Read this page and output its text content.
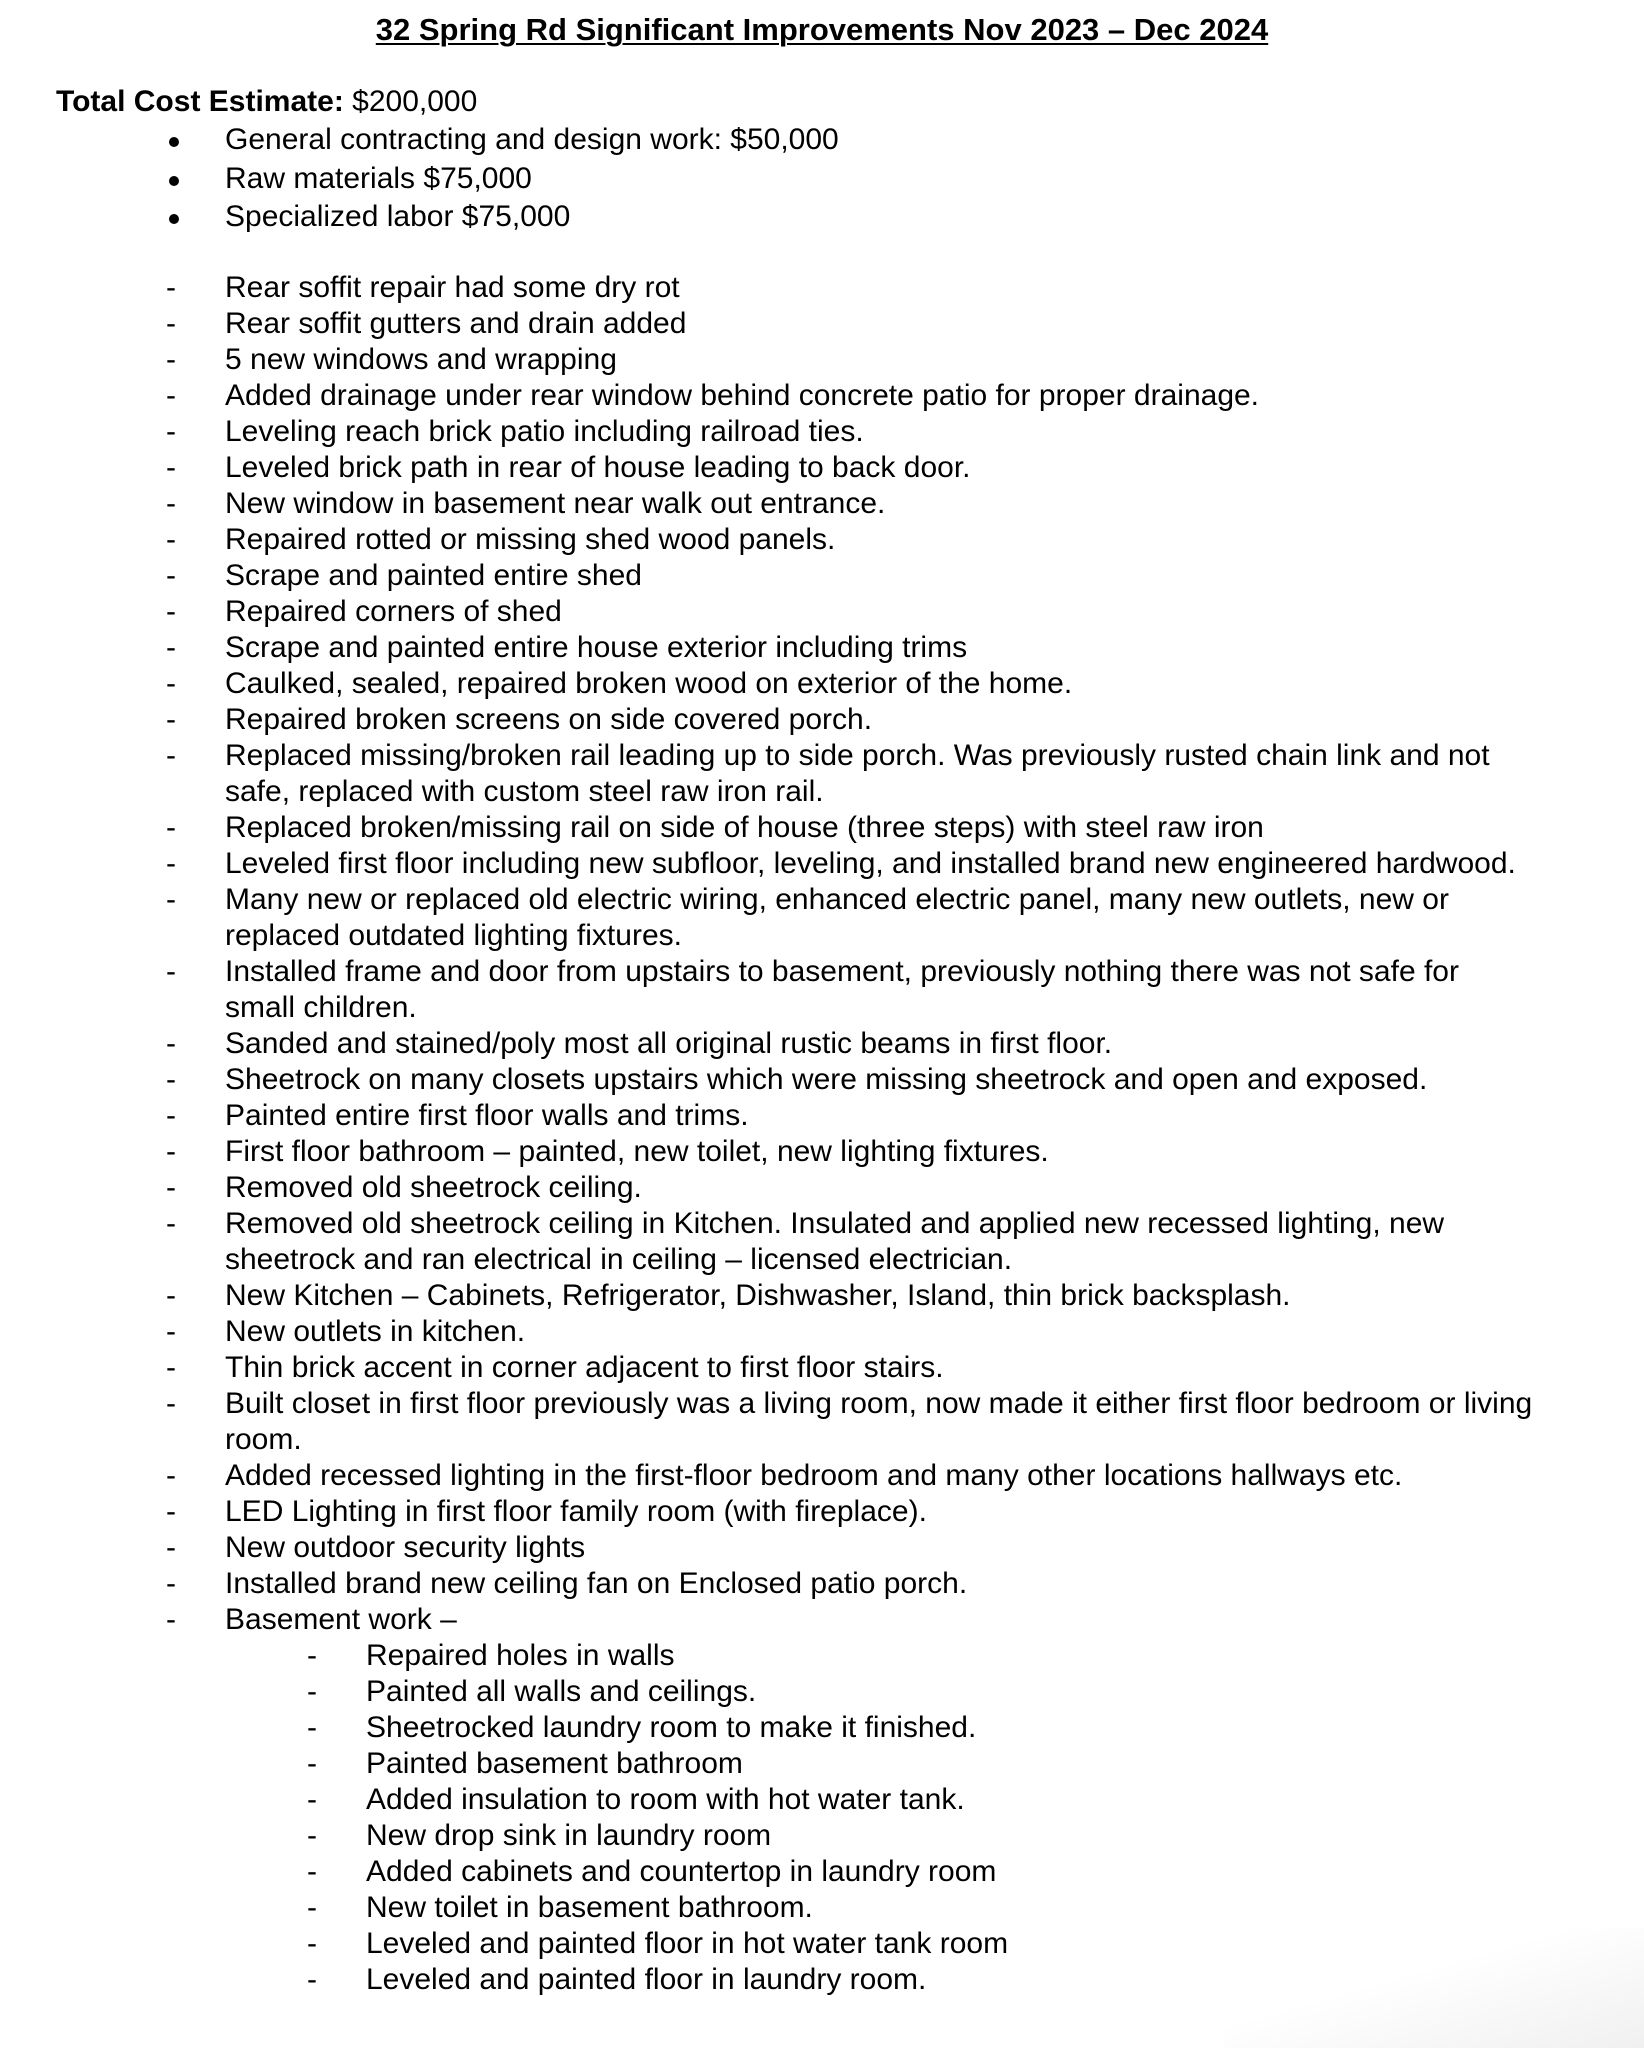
32 Spring Rd Significant Improvements Nov 2023 – Dec 2024

Total Cost Estimate: $200,000

General contracting and design work: $50,000
Raw materials $75,000
Specialized labor $75,000
- Rear soffit repair had some dry rot
- Rear soffit gutters and drain added
- 5 new windows and wrapping
- Added drainage under rear window behind concrete patio for proper drainage.
- Leveling reach brick patio including railroad ties.
- Leveled brick path in rear of house leading to back door.
- New window in basement near walk out entrance.
- Repaired rotted or missing shed wood panels.
- Scrape and painted entire shed
- Repaired corners of shed
- Scrape and painted entire house exterior including trims
- Caulked, sealed, repaired broken wood on exterior of the home.
- Repaired broken screens on side covered porch.
- Replaced missing/broken rail leading up to side porch. Was previously rusted chain link and not safe, replaced with custom steel raw iron rail.
- Replaced broken/missing rail on side of house (three steps) with steel raw iron
- Leveled first floor including new subfloor, leveling, and installed brand new engineered hardwood.
- Many new or replaced old electric wiring, enhanced electric panel, many new outlets, new or replaced outdated lighting fixtures.
- Installed frame and door from upstairs to basement, previously nothing there was not safe for small children.
- Sanded and stained/poly most all original rustic beams in first floor.
- Sheetrock on many closets upstairs which were missing sheetrock and open and exposed.
- Painted entire first floor walls and trims.
- First floor bathroom – painted, new toilet, new lighting fixtures.
- Removed old sheetrock ceiling.
- Removed old sheetrock ceiling in Kitchen. Insulated and applied new recessed lighting, new sheetrock and ran electrical in ceiling – licensed electrician.
- New Kitchen – Cabinets, Refrigerator, Dishwasher, Island, thin brick backsplash.
- New outlets in kitchen.
- Thin brick accent in corner adjacent to first floor stairs.
- Built closet in first floor previously was a living room, now made it either first floor bedroom or living room.
- Added recessed lighting in the first-floor bedroom and many other locations hallways etc.
- LED Lighting in first floor family room (with fireplace).
- New outdoor security lights
- Installed brand new ceiling fan on Enclosed patio porch.
- Basement work –
- Repaired holes in walls
- Painted all walls and ceilings.
- Sheetrocked laundry room to make it finished.
- Painted basement bathroom
- Added insulation to room with hot water tank.
- New drop sink in laundry room
- Added cabinets and countertop in laundry room
- New toilet in basement bathroom.
- Leveled and painted floor in hot water tank room
- Leveled and painted floor in laundry room.
